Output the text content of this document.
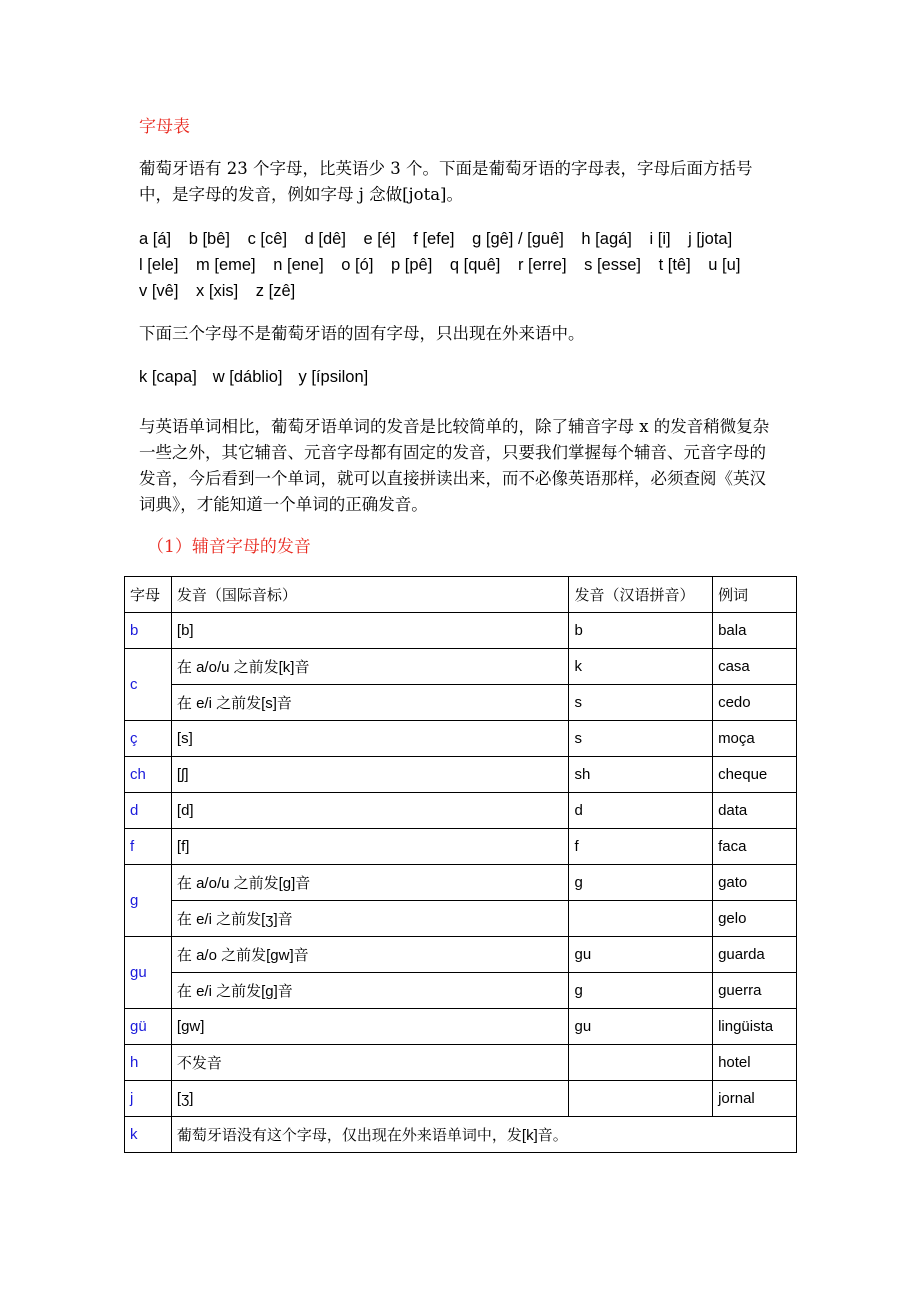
字母表
葡萄牙语有 23 个字母，比英语少 3 个。下面是葡萄牙语的字母表，字母后面方括号中，是字母的发音，例如字母 j 念做[jota]。
a [á] b [bê] c [cê] d [dê] e [é] f [efe] g [gê] / [guê] h [agá] i [i] j [jota] l [ele] m [eme] n [ene] o [ó] p [pê] q [quê] r [erre] s [esse] t [tê] u [u] v [vê] x [xis] z [zê]
下面三个字母不是葡萄牙语的固有字母，只出现在外来语中。
k [capa] w [dáblio] y [ípsilon]
与英语单词相比，葡萄牙语单词的发音是比较简单的，除了辅音字母 x 的发音稍微复杂一些之外，其它辅音、元音字母都有固定的发音，只要我们掌握每个辅音、元音字母的发音，今后看到一个单词，就可以直接拼读出来，而不必像英语那样，必须查阅《英汉词典》，才能知道一个单词的正确发音。
（1）辅音字母的发音
字母	发音（国际音标）	发音（汉语拼音）	例词
b	[b]	b	bala
c	在 a/o/u 之前发[k]音	k	casa
	在 e/i 之前发[s]音	s	cedo
ç	[s]	s	moça
ch	[ʃ]	sh	cheque
d	[d]	d	data
f	[f]	f	faca
g	在 a/o/u 之前发[g]音	g	gato
	在 e/i 之前发[ʒ]音		gelo
gu	在 a/o 之前发[gw]音	gu	guarda
	在 e/i 之前发[g]音	g	guerra
gü	[gw]	gu	lingüista
h	不发音		hotel
j	[ʒ]		jornal
k	葡萄牙语没有这个字母，仅出现在外来语单词中，发[k]音。		
